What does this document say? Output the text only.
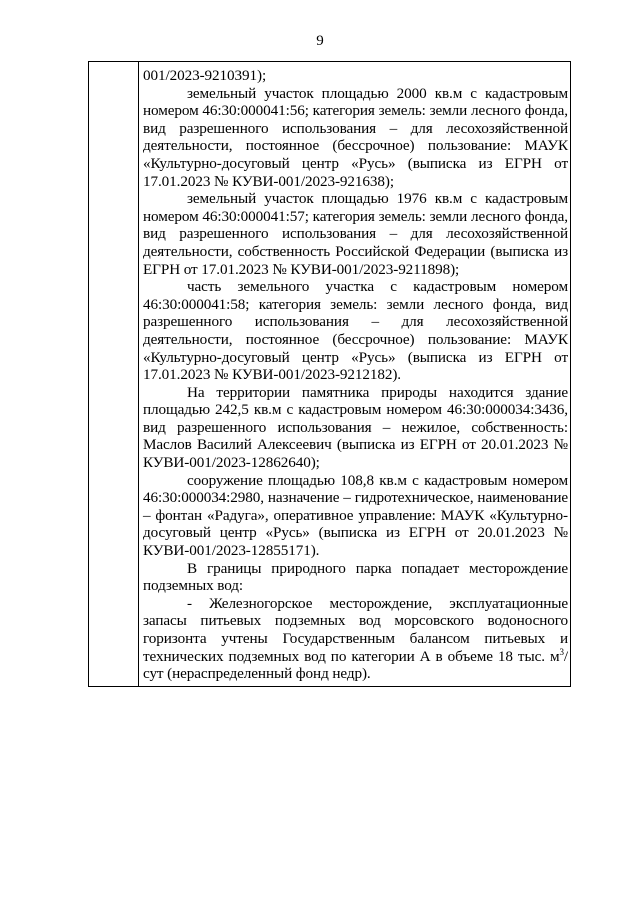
9

001/2023-9210391);

земельный участок площадью 2000 кв.м с кадастровым номером 46:30:000041:56; категория земель: земли лесного фонда, вид разрешенного использования – для лесохозяйственной деятельности, постоянное (бессрочное) пользование: МАУК «Культурно-досуговый центр «Русь» (выписка из ЕГРН от 17.01.2023 № КУВИ-001/2023-921638);

земельный участок площадью 1976 кв.м с кадастровым номером 46:30:000041:57; категория земель: земли лесного фонда, вид разрешенного использования – для лесохозяйственной деятельности, собственность Российской Федерации (выписка из ЕГРН от 17.01.2023 № КУВИ-001/2023-9211898);

часть земельного участка с кадастровым номером 46:30:000041:58; категория земель: земли лесного фонда, вид разрешенного использования – для лесохозяйственной деятельности, постоянное (бессрочное) пользование: МАУК «Культурно-досуговый центр «Русь» (выписка из ЕГРН от 17.01.2023 № КУВИ-001/2023-9212182).

На территории памятника природы находится здание площадью 242,5 кв.м с кадастровым номером 46:30:000034:3436, вид разрешенного использования – нежилое, собственность: Маслов Василий Алексеевич (выписка из ЕГРН от 20.01.2023 № КУВИ-001/2023-12862640);

сооружение площадью 108,8 кв.м с кадастровым номером 46:30:000034:2980, назначение – гидротехническое, наименование – фонтан «Радуга», оперативное управление: МАУК «Культурно-досуговый центр «Русь» (выписка из ЕГРН от 20.01.2023 № КУВИ-001/2023-12855171).

В границы природного парка попадает месторождение подземных вод:

- Железногорское месторождение, эксплуатационные запасы питьевых подземных вод морсовского водоносного горизонта учтены Государственным балансом питьевых и технических подземных вод по категории А в объеме 18 тыс. $м^3$/сут (нераспределенный фонд недр).
